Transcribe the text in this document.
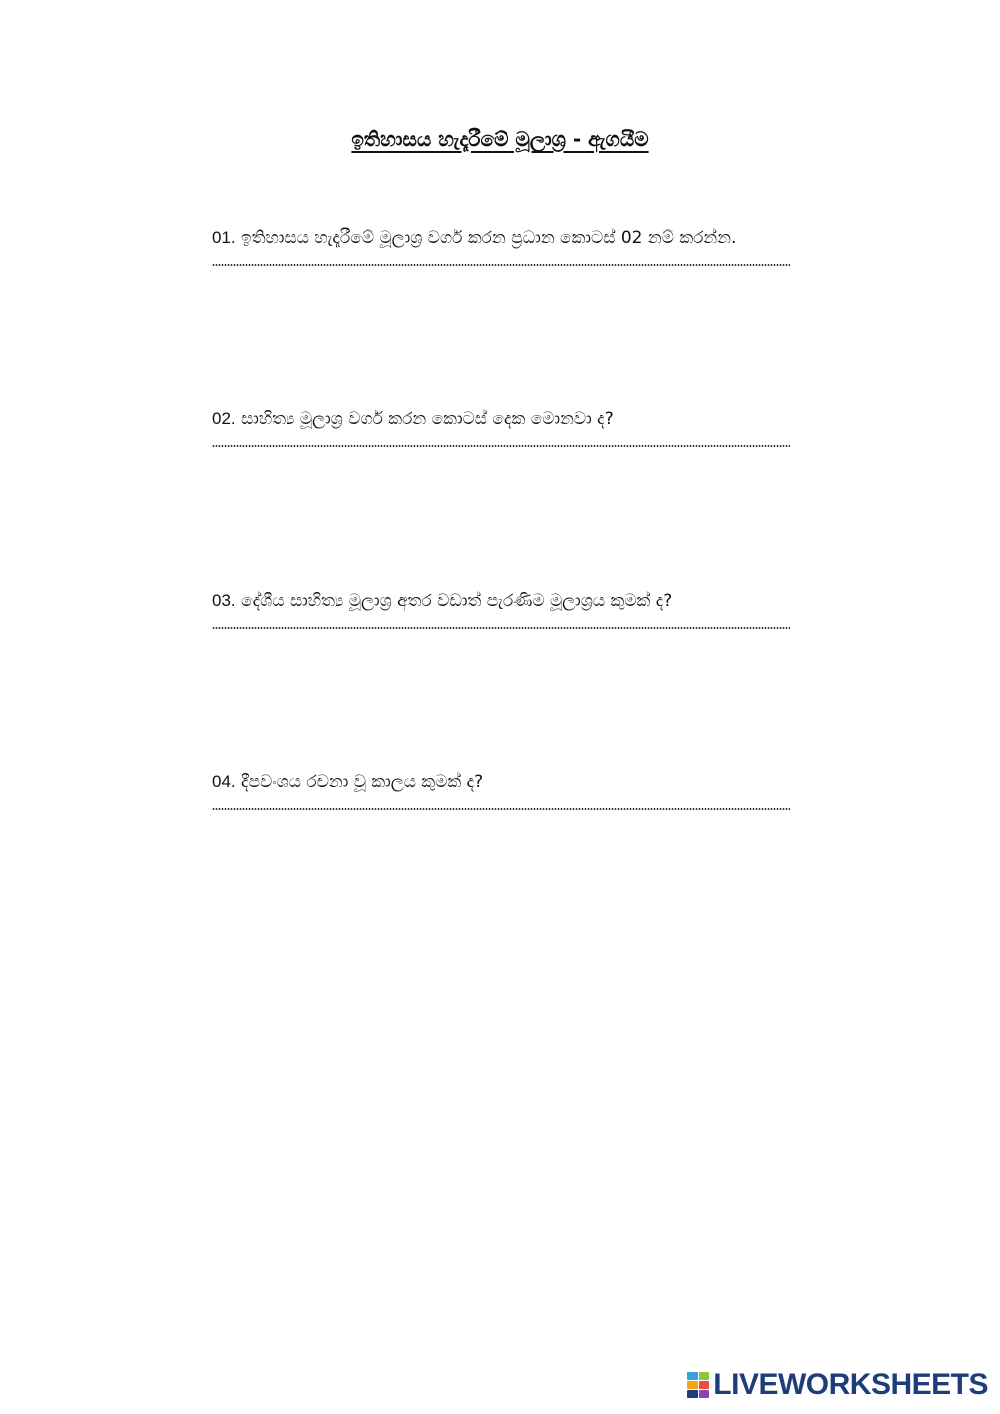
ඉතිහාසය හැදෑරීමේ මූලාශ්‍ර - ඇගයීම

01. ඉතිහාසය හැදෑරීමේ මූලාශ්‍ර වර්ග කරන ප්‍රධාන කොටස් 02 නම් කරන්න.

02. සාහිත්‍ය මූලාශ්‍ර වර්ග කරන කොටස් දෙක මොනවා ද?

03. දේශීය සාහිත්‍ය මූලාශ්‍ර අතර වඩාත් පැරණිම මූලාශ්‍රය කුමක් ද?

04. දීපවංශය රචනා වූ කාලය කුමක් ද?

LIVEWORKSHEETS
